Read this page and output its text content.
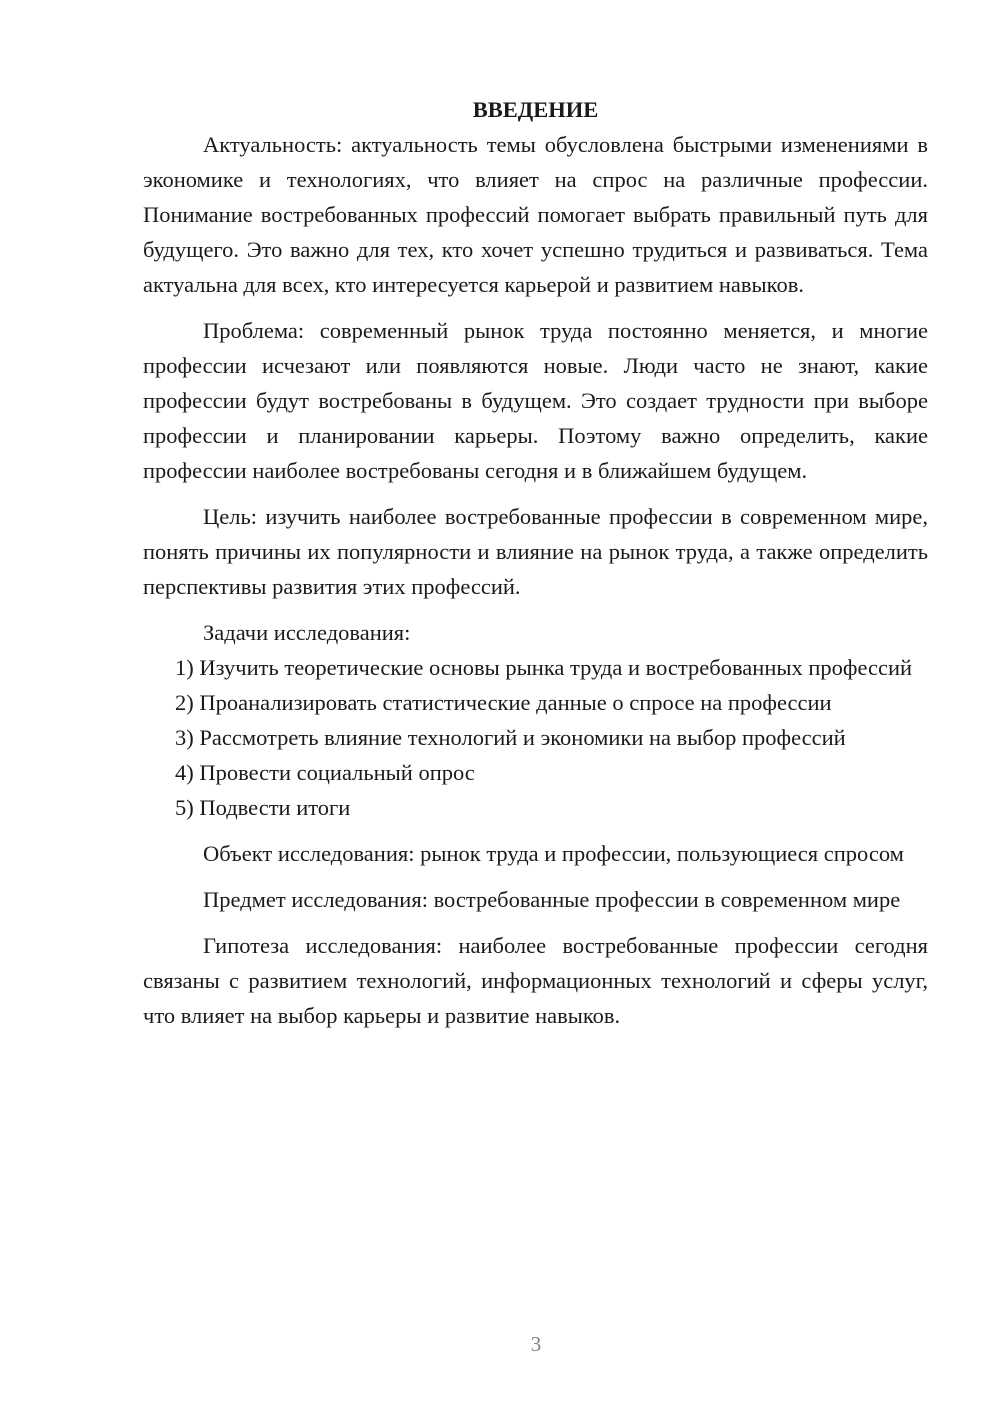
ВВЕДЕНИЕ

Актуальность: актуальность темы обусловлена быстрыми изменениями в экономике и технологиях, что влияет на спрос на различные профессии. Понимание востребованных профессий помогает выбрать правильный путь для будущего. Это важно для тех, кто хочет успешно трудиться и развиваться. Тема актуальна для всех, кто интересуется карьерой и развитием навыков.

Проблема: современный рынок труда постоянно меняется, и многие профессии исчезают или появляются новые. Люди часто не знают, какие профессии будут востребованы в будущем. Это создает трудности при выборе профессии и планировании карьеры. Поэтому важно определить, какие профессии наиболее востребованы сегодня и в ближайшем будущем.

Цель: изучить наиболее востребованные профессии в современном мире, понять причины их популярности и влияние на рынок труда, а также определить перспективы развития этих профессий.

Задачи исследования:

1) Изучить теоретические основы рынка труда и востребованных профессий

2) Проанализировать статистические данные о спросе на профессии

3) Рассмотреть влияние технологий и экономики на выбор профессий

4) Провести социальный опрос

5) Подвести итоги

Объект исследования: рынок труда и профессии, пользующиеся спросом

Предмет исследования: востребованные профессии в современном мире

Гипотеза исследования: наиболее востребованные профессии сегодня связаны с развитием технологий, информационных технологий и сферы услуг, что влияет на выбор карьеры и развитие навыков.

3
